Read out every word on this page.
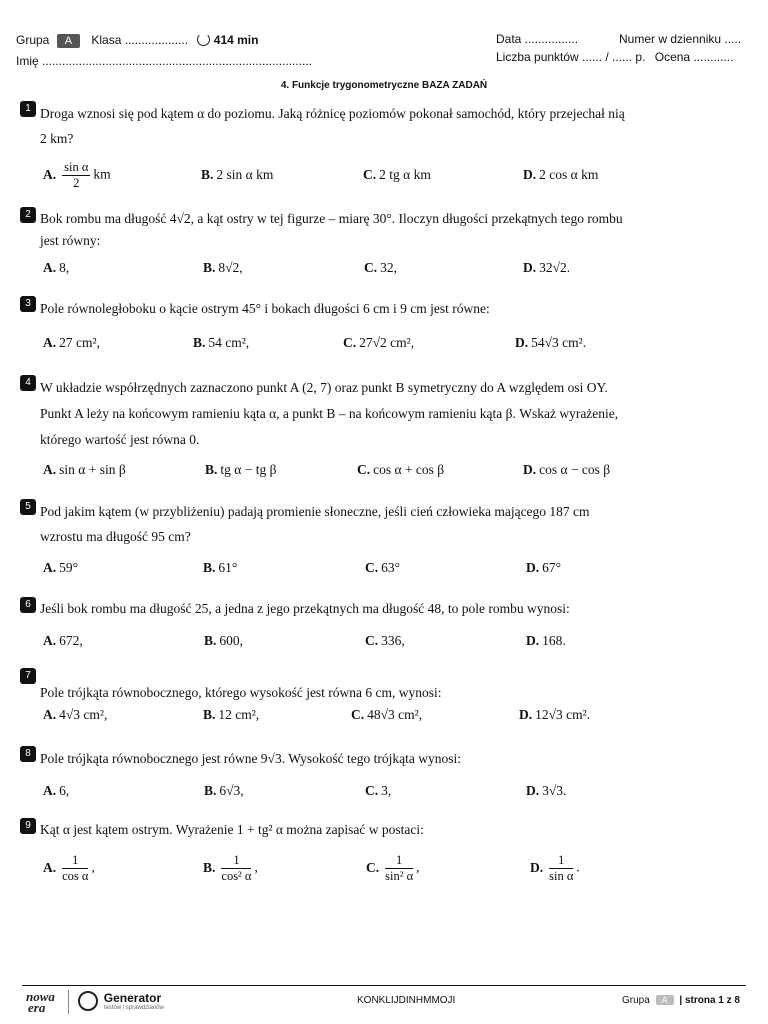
Grupa A Klasa ................... 414 min
Imię .................................................................................
Data ................	Numer w dzienniku .....
Liczba punktów ...... / ...... p. Ocena ............
4. Funkcje trygonometryczne BAZA ZADAŃ
1 Droga wznosi się pod kątem α do poziomu. Jaką różnicę poziomów pokonał samochód, który przejechał nią
2 km?
A. $\frac{\text{sin α}}{2}$ km	B. 2 sin α km	C. 2 tg α km	D. 2 cos α km
2 Bok rombu ma długość 4√2, a kąt ostry w tej figurze – miarę 30°. Iloczyn długości przekątnych tego rombu
jest równy:
A. 8,	B. 8√2,	C. 32,	D. 32√2.
3 Pole równoległoboku o kącie ostrym 45° i bokach długości 6 cm i 9 cm jest równe:
A. 27 cm²,	B. 54 cm²,	C. 27√2 cm²,	D. 54√3 cm².
4 W układzie współrzędnych zaznaczono punkt A (2, 7) oraz punkt B symetryczny do A względem osi OY.
Punkt A leży na końcowym ramieniu kąta α, a punkt B – na końcowym ramieniu kąta β. Wskaż wyrażenie,
którego wartość jest równa 0.
A. sin α + sin β	B. tg α − tg β	C. cos α + cos β	D. cos α − cos β
5 Pod jakim kątem (w przybliżeniu) padają promienie słoneczne, jeśli cień człowieka mającego 187 cm
wzrostu ma długość 95 cm?
A. 59°	B. 61°	C. 63°	D. 67°
6 Jeśli bok rombu ma długość 25, a jedna z jego przekątnych ma długość 48, to pole rombu wynosi:
A. 672,	B. 600,	C. 336,	D. 168.
7
Pole trójkąta równobocznego, którego wysokość jest równa 6 cm, wynosi:
A. 4√3 cm²,	B. 12 cm²,	C. 48√3 cm²,	D. 12√3 cm².
8 Pole trójkąta równobocznego jest równe 9√3. Wysokość tego trójkąta wynosi:
A. 6,	B. 6√3,	C. 3,	D. 3√3.
9 Kąt α jest kątem ostrym. Wyrażenie 1 + tg² α można zapisać w postaci:
A. $\frac{1}{\text{cos α}}$ ,	B. $\frac{1}{\text{cos² α}}$ ,	C. $\frac{1}{\text{sin² α}}$ ,	D. $\frac{1}{\text{sin α}}$ .
nowa
era

Generator
testów i sprawdzianów
KONKLIJDINHMMOJI	Grupa A | strona 1 z 8
